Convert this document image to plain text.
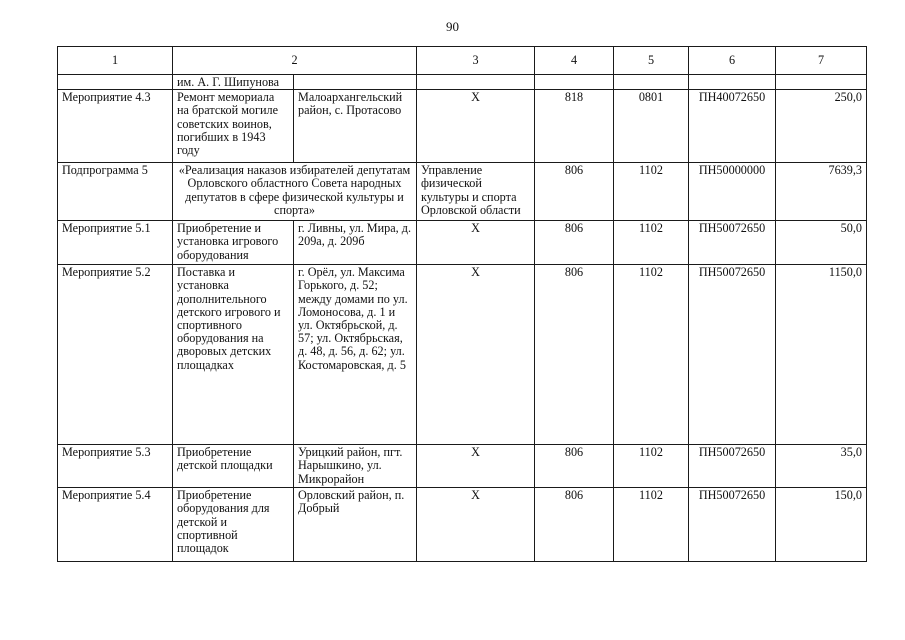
90
1	2		3	4	5	6	7
	им. А. Г. Шипунова						
Мероприятие 4.3	Ремонт мемориала на братской могиле советских воинов, погибших в 1943 году	Малоархангельский район, с. Протасово	Х	818	0801	ПН40072650	250,0
Подпрограмма 5	«Реализация наказов избирателей депутатам Орловского областного Совета народных депутатов в сфере физической культуры и спорта»		Управление физической культуры и спорта Орловской области	806	1102	ПН50000000	7639,3
Мероприятие 5.1	Приобретение и установка игрового оборудования	г. Ливны, ул. Мира, д. 209а, д. 209б	Х	806	1102	ПН50072650	50,0
Мероприятие 5.2	Поставка и установка дополнительного детского игрового и спортивного оборудования на дворовых детских площадках	г. Орёл, ул. Максима Горького, д. 52; между домами по ул. Ломоносова, д. 1 и ул. Октябрьской, д. 57; ул. Октябрьская, д. 48, д. 56, д. 62; ул. Костомаровская, д. 5	Х	806	1102	ПН50072650	1150,0
Мероприятие 5.3	Приобретение детской площадки	Урицкий район, пгт. Нарышкино, ул. Микрорайон	Х	806	1102	ПН50072650	35,0
Мероприятие 5.4	Приобретение оборудования для детской и спортивной площадок	Орловский район, п. Добрый	Х	806	1102	ПН50072650	150,0
